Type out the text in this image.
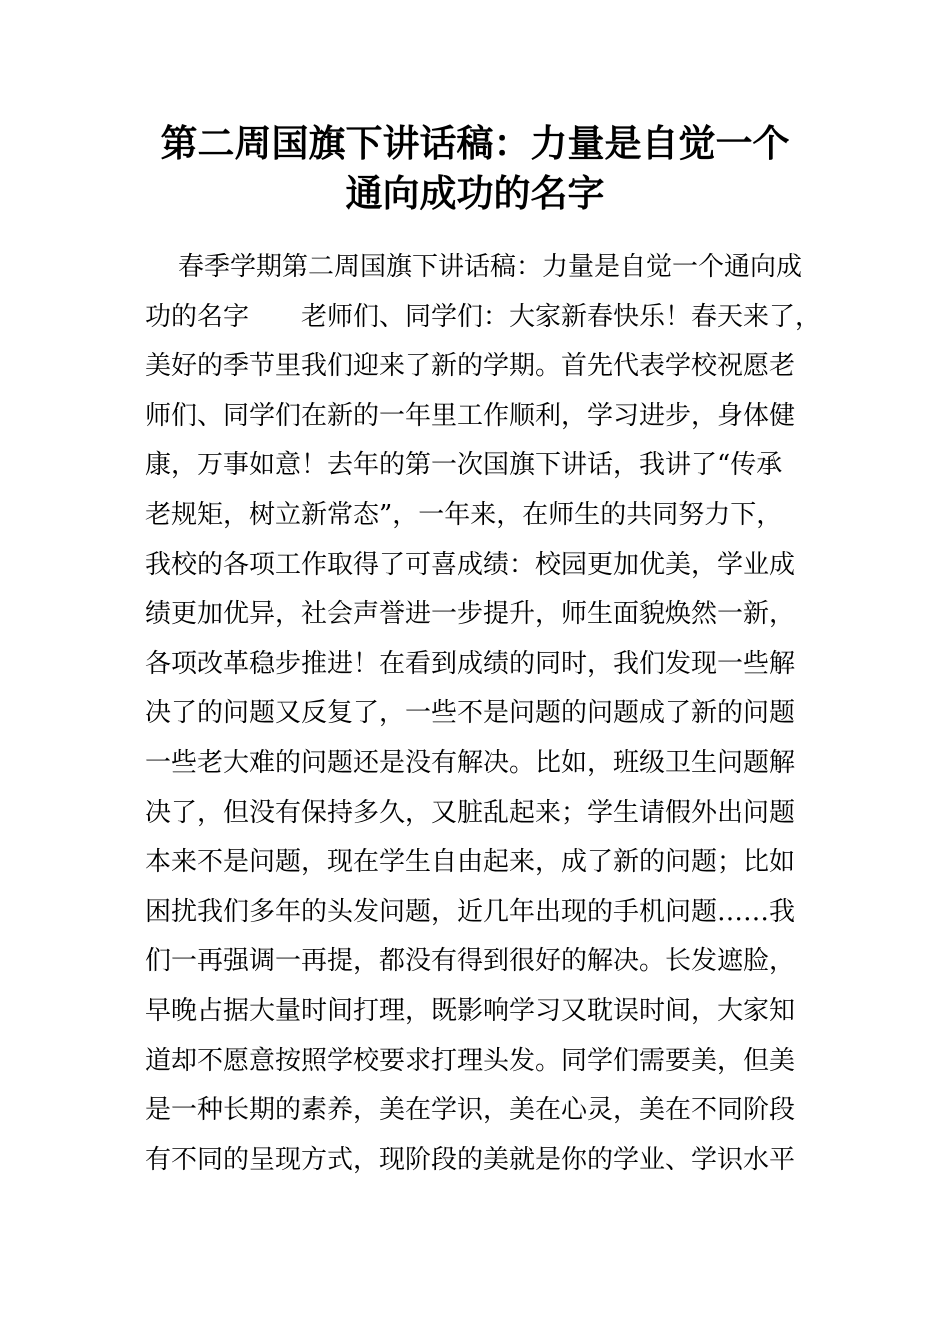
第二周国旗下讲话稿：力量是自觉一个
通向成功的名字
春季学期第二周国旗下讲话稿：力量是自觉一个通向成
功的名字　　老师们、同学们：大家新春快乐！春天来了，
美好的季节里我们迎来了新的学期。首先代表学校祝愿老
师们、同学们在新的一年里工作顺利，学习进步，身体健
康，万事如意！去年的第一次国旗下讲话，我讲了“传承
老规矩，树立新常态”，一年来，在师生的共同努力下，
我校的各项工作取得了可喜成绩：校园更加优美，学业成
绩更加优异，社会声誉进一步提升，师生面貌焕然一新，
各项改革稳步推进！在看到成绩的同时，我们发现一些解
决了的问题又反复了，一些不是问题的问题成了新的问题
一些老大难的问题还是没有解决。比如，班级卫生问题解
决了，但没有保持多久，又脏乱起来；学生请假外出问题
本来不是问题，现在学生自由起来，成了新的问题；比如
困扰我们多年的头发问题，近几年出现的手机问题……我
们一再强调一再提，都没有得到很好的解决。长发遮脸，
早晚占据大量时间打理，既影响学习又耽误时间，大家知
道却不愿意按照学校要求打理头发。同学们需要美，但美
是一种长期的素养，美在学识，美在心灵，美在不同阶段
有不同的呈现方式，现阶段的美就是你的学业、学识水平
